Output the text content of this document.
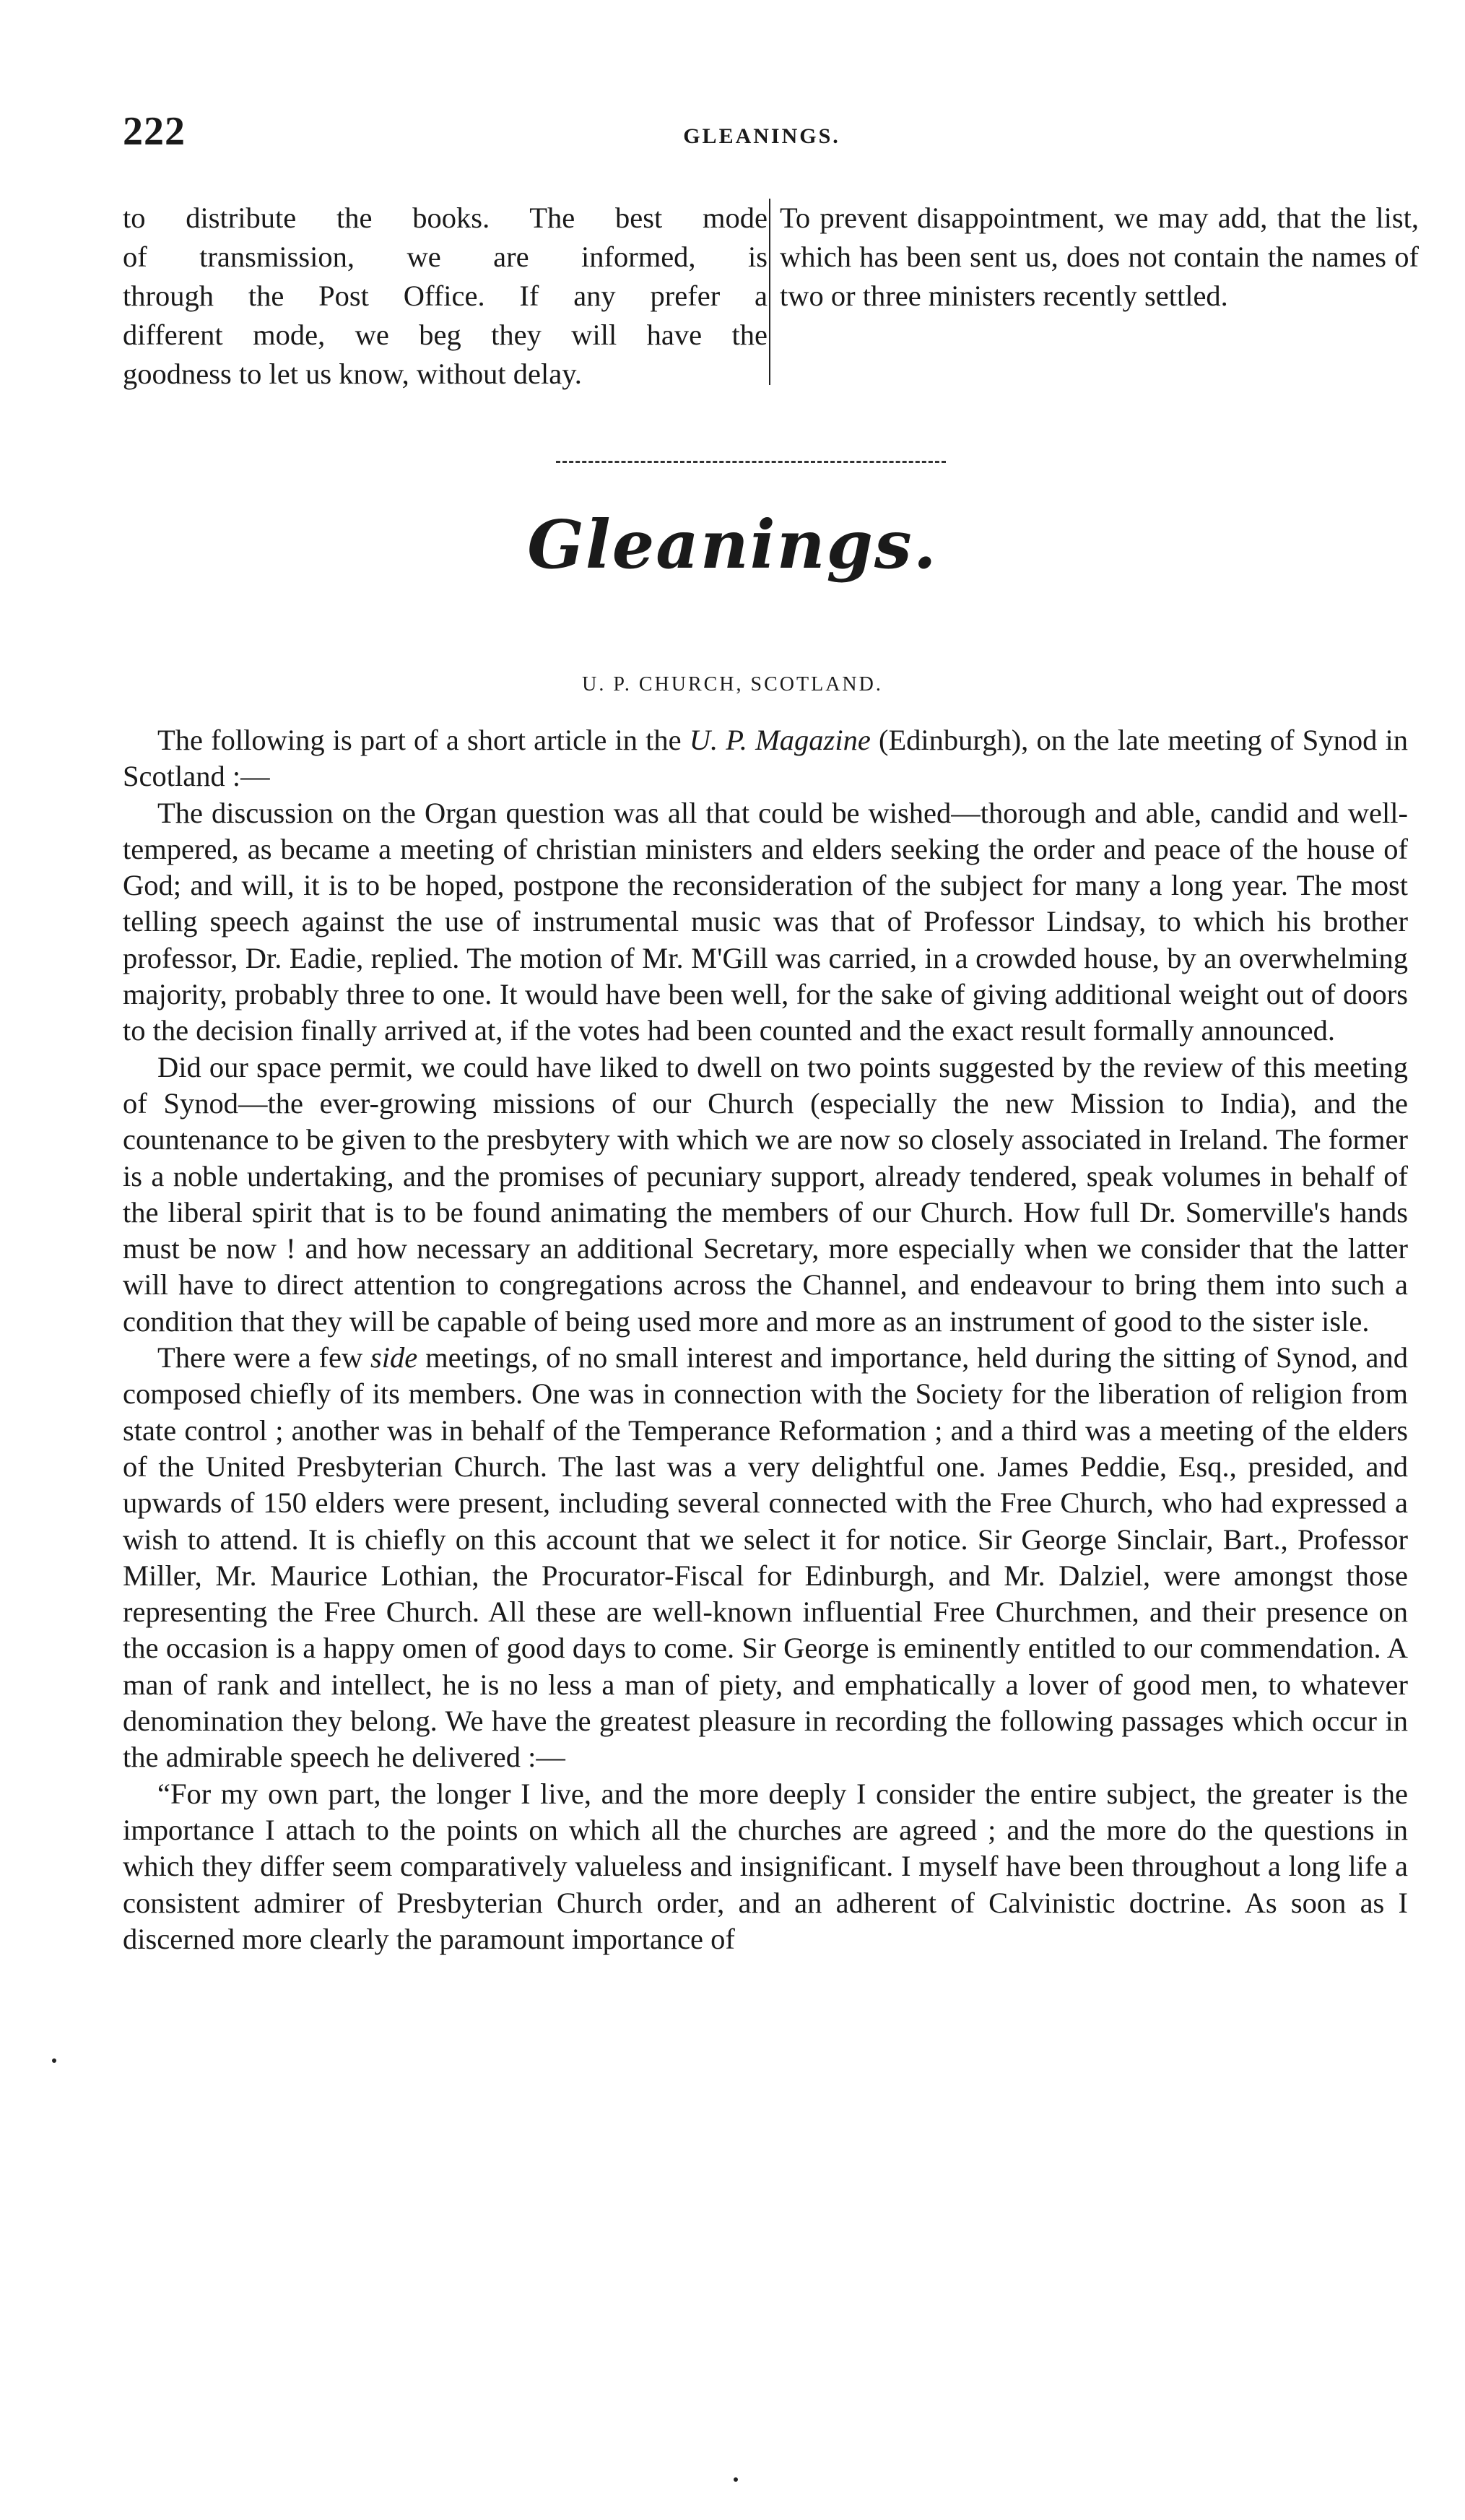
222	GLEANINGS.
to distribute the books. The best mode
of transmission, we are informed, is
through the Post Office. If any prefer a
different mode, we beg they will have the
goodness to let us know, without delay.
To prevent disappointment, we may add, that the list, which has been sent us, does not contain the names of two or three ministers recently settled.
Gleanings.
U. P. CHURCH, SCOTLAND.

The following is part of a short article in the U. P. Magazine (Edinburgh), on the late meeting of Synod in Scotland :—

The discussion on the Organ question was all that could be wished—thorough and able, candid and well-tempered, as became a meeting of christian ministers and elders seeking the order and peace of the house of God; and will, it is to be hoped, postpone the reconsideration of the subject for many a long year. The most telling speech against the use of instrumental music was that of Professor Lindsay, to which his brother professor, Dr. Eadie, replied. The motion of Mr. M'Gill was carried, in a crowded house, by an overwhelming majority, probably three to one. It would have been well, for the sake of giving additional weight out of doors to the decision finally arrived at, if the votes had been counted and the exact result formally announced.

Did our space permit, we could have liked to dwell on two points suggested by the review of this meeting of Synod—the ever-growing missions of our Church (especially the new Mission to India), and the countenance to be given to the presbytery with which we are now so closely associated in Ireland. The former is a noble undertaking, and the promises of pecuniary support, already tendered, speak volumes in behalf of the liberal spirit that is to be found animating the members of our Church. How full Dr. Somerville's hands must be now ! and how necessary an additional Secretary, more especially when we consider that the latter will have to direct attention to congregations across the Channel, and endeavour to bring them into such a condition that they will be capable of being used more and more as an instrument of good to the sister isle.

There were a few side meetings, of no small interest and importance, held during the sitting of Synod, and composed chiefly of its members. One was in connection with the Society for the liberation of religion from state control ; another was in behalf of the Temperance Reformation ; and a third was a meeting of the elders of the United Presbyterian Church. The last was a very delightful one. James Peddie, Esq., presided, and upwards of 150 elders were present, including several connected with the Free Church, who had expressed a wish to attend. It is chiefly on this account that we select it for notice. Sir George Sinclair, Bart., Professor Miller, Mr. Maurice Lothian, the Procurator-Fiscal for Edinburgh, and Mr. Dalziel, were amongst those representing the Free Church. All these are well-known influential Free Churchmen, and their presence on the occasion is a happy omen of good days to come. Sir George is eminently entitled to our commendation. A man of rank and intellect, he is no less a man of piety, and emphatically a lover of good men, to whatever denomination they belong. We have the greatest pleasure in recording the following passages which occur in the admirable speech he delivered :—

“For my own part, the longer I live, and the more deeply I consider the entire subject, the greater is the importance I attach to the points on which all the churches are agreed ; and the more do the questions in which they differ seem comparatively valueless and insignificant. I myself have been throughout a long life a consistent admirer of Presbyterian Church order, and an adherent of Calvinistic doctrine. As soon as I discerned more clearly the paramount importance of
